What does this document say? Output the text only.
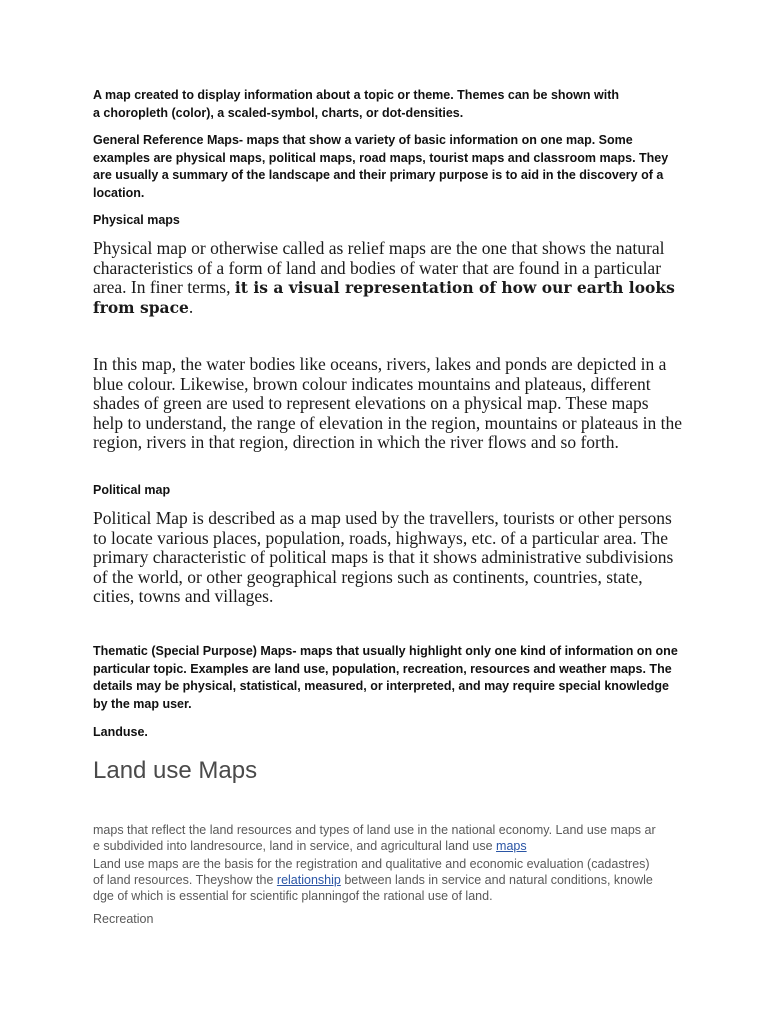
A map created to display information about a topic or theme. Themes can be shown with
a choropleth (color), a scaled-symbol, charts, or dot-densities.

General Reference Maps- maps that show a variety of basic information on one map. Some examples are physical maps, political maps, road maps, tourist maps and classroom maps. They are usually a summary of the landscape and their primary purpose is to aid in the discovery of a location.

Physical maps

Physical map or otherwise called as relief maps are the one that shows the natural characteristics of a form of land and bodies of water that are found in a particular area. In finer terms, it is a visual representation of how our earth looks from space.

In this map, the water bodies like oceans, rivers, lakes and ponds are depicted in a blue colour. Likewise, brown colour indicates mountains and plateaus, different shades of green are used to represent elevations on a physical map. These maps help to understand, the range of elevation in the region, mountains or plateaus in the region, rivers in that region, direction in which the river flows and so forth.

Political map

Political Map is described as a map used by the travellers, tourists or other persons to locate various places, population, roads, highways, etc. of a particular area. The primary characteristic of political maps is that it shows administrative subdivisions of the world, or other geographical regions such as continents, countries, state, cities, towns and villages.

Thematic (Special Purpose) Maps- maps that usually highlight only one kind of information on one particular topic. Examples are land use, population, recreation, resources and weather maps. The details may be physical, statistical, measured, or interpreted, and may require special knowledge by the map user.

Landuse.

Land use Maps

maps that reflect the land resources and types of land use in the national economy. Land use maps ar
e subdivided into landresource, land in service, and agricultural land use maps

Land use maps are the basis for the registration and qualitative and economic evaluation (cadastres)
of land resources. Theyshow the relationship between lands in service and natural conditions, knowle
dge of which is essential for scientific planningof the rational use of land.

Recreation
